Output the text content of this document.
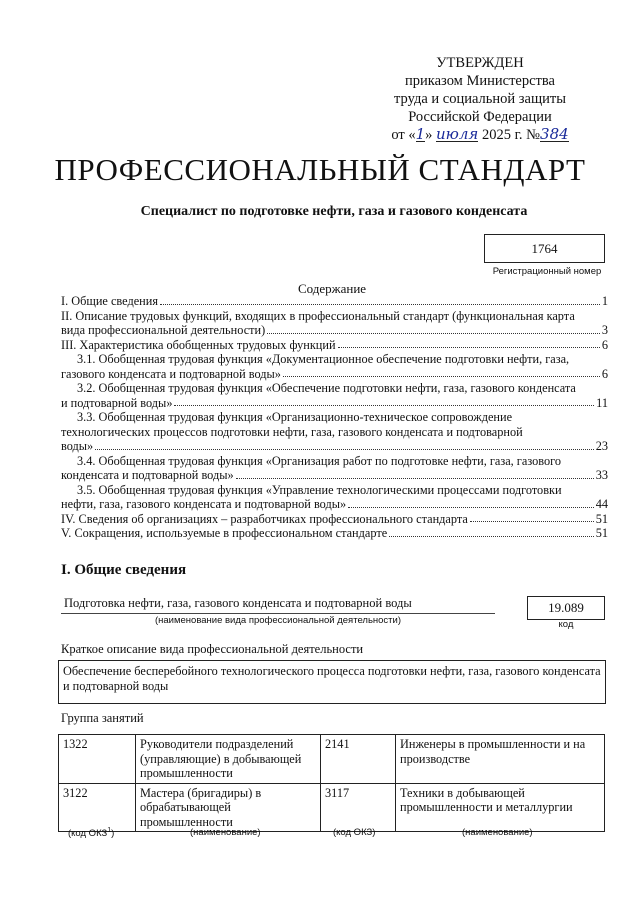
УТВЕРЖДЕН
приказом Министерства
труда и социальной защиты
Российской Федерации
от «1» июля 2025 г. №384
ПРОФЕССИОНАЛЬНЫЙ СТАНДАРТ
Специалист по подготовке нефти, газа и газового конденсата
1764
Регистрационный номер
Содержание
I. Общие сведения	1
II. Описание трудовых функций, входящих в профессиональный стандарт (функциональная карта
вида профессиональной деятельности)	3
III. Характеристика обобщенных трудовых функций	6
3.1. Обобщенная трудовая функция «Документационное обеспечение подготовки нефти, газа,
газового конденсата и подтоварной воды»	6
3.2. Обобщенная трудовая функция «Обеспечение подготовки нефти, газа, газового конденсата
и подтоварной воды»	11
3.3. Обобщенная трудовая функция «Организационно-техническое сопровождение
технологических процессов подготовки нефти, газа, газового конденсата и подтоварной
воды»	23
3.4. Обобщенная трудовая функция «Организация работ по подготовке нефти, газа, газового
конденсата и подтоварной воды»	33
3.5. Обобщенная трудовая функция «Управление технологическими процессами подготовки
нефти, газа, газового конденсата и подтоварной воды»	44
IV. Сведения об организациях – разработчиках профессионального стандарта	51
V. Сокращения, используемые в профессиональном стандарте	51
I. Общие сведения
Подготовка нефти, газа, газового конденсата и подтоварной воды
(наименование вида профессиональной деятельности)
19.089
код
Краткое описание вида профессиональной деятельности
Обеспечение бесперебойного технологического процесса подготовки нефти, газа, газового конденсата и подтоварной воды
Группа занятий
1322	Руководители подразделений (управляющие) в добывающей промышленности	2141	Инженеры в промышленности и на производстве
3122	Мастера (бригадиры) в обрабатывающей промышленности	3117	Техники в добывающей промышленности и металлургии
(код ОКЗ$^1$)	(наименование)	(код ОКЗ)	(наименование)
